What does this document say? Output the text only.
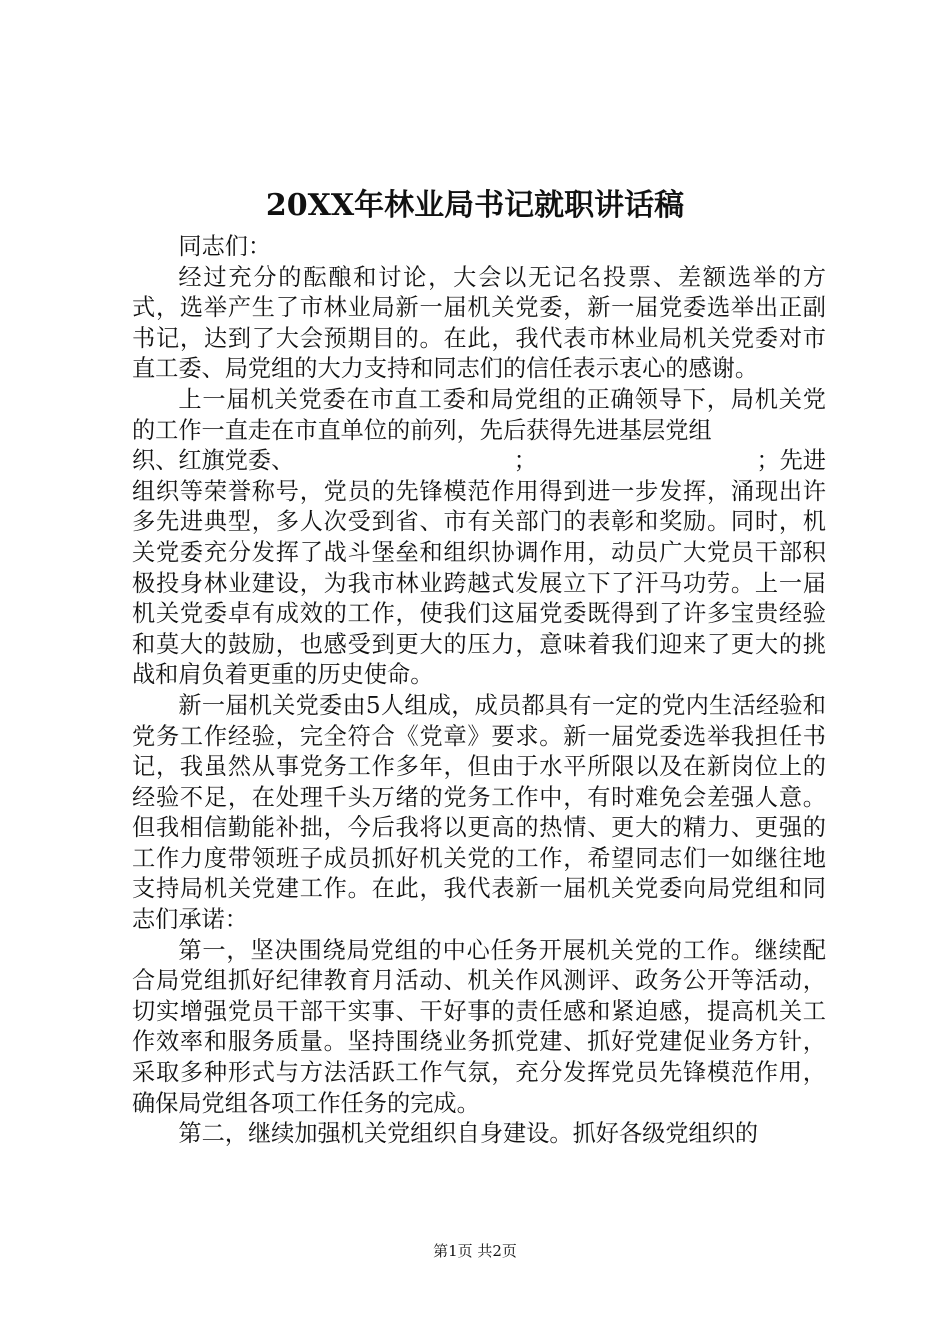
20XX年林业局书记就职讲话稿

同志们：

经过充分的酝酿和讨论，大会以无记名投票、差额选举的方式，选举产生了市林业局新一届机关党委，新一届党委选举出正副书记，达到了大会预期目的。在此，我代表市林业局机关党委对市直工委、局党组的大力支持和同志们的信任表示衷心的感谢。

上一届机关党委在市直工委和局党组的正确领导下，局机关党的工作一直走在市直单位的前列，先后获得先进基层党组

织、红旗党委、	；	；先进

组织等荣誉称号，党员的先锋模范作用得到进一步发挥，涌现出许多先进典型，多人次受到省、市有关部门的表彰和奖励。同时，机关党委充分发挥了战斗堡垒和组织协调作用，动员广大党员干部积极投身林业建设，为我市林业跨越式发展立下了汗马功劳。上一届机关党委卓有成效的工作，使我们这届党委既得到了许多宝贵经验和莫大的鼓励，也感受到更大的压力，意味着我们迎来了更大的挑战和肩负着更重的历史使命。

新一届机关党委由5人组成，成员都具有一定的党内生活经验和党务工作经验，完全符合《党章》要求。新一届党委选举我担任书记，我虽然从事党务工作多年，但由于水平所限以及在新岗位上的经验不足，在处理千头万绪的党务工作中，有时难免会差强人意。但我相信勤能补拙，今后我将以更高的热情、更大的精力、更强的工作力度带领班子成员抓好机关党的工作，希望同志们一如继往地支持局机关党建工作。在此，我代表新一届机关党委向局党组和同志们承诺：

第一，坚决围绕局党组的中心任务开展机关党的工作。继续配合局党组抓好纪律教育月活动、机关作风测评、政务公开等活动，切实增强党员干部干实事、干好事的责任感和紧迫感，提高机关工作效率和服务质量。坚持围绕业务抓党建、抓好党建促业务方针，采取多种形式与方法活跃工作气氛，充分发挥党员先锋模范作用，确保局党组各项工作任务的完成。

第二，继续加强机关党组织自身建设。抓好各级党组织的

第1页 共2页
